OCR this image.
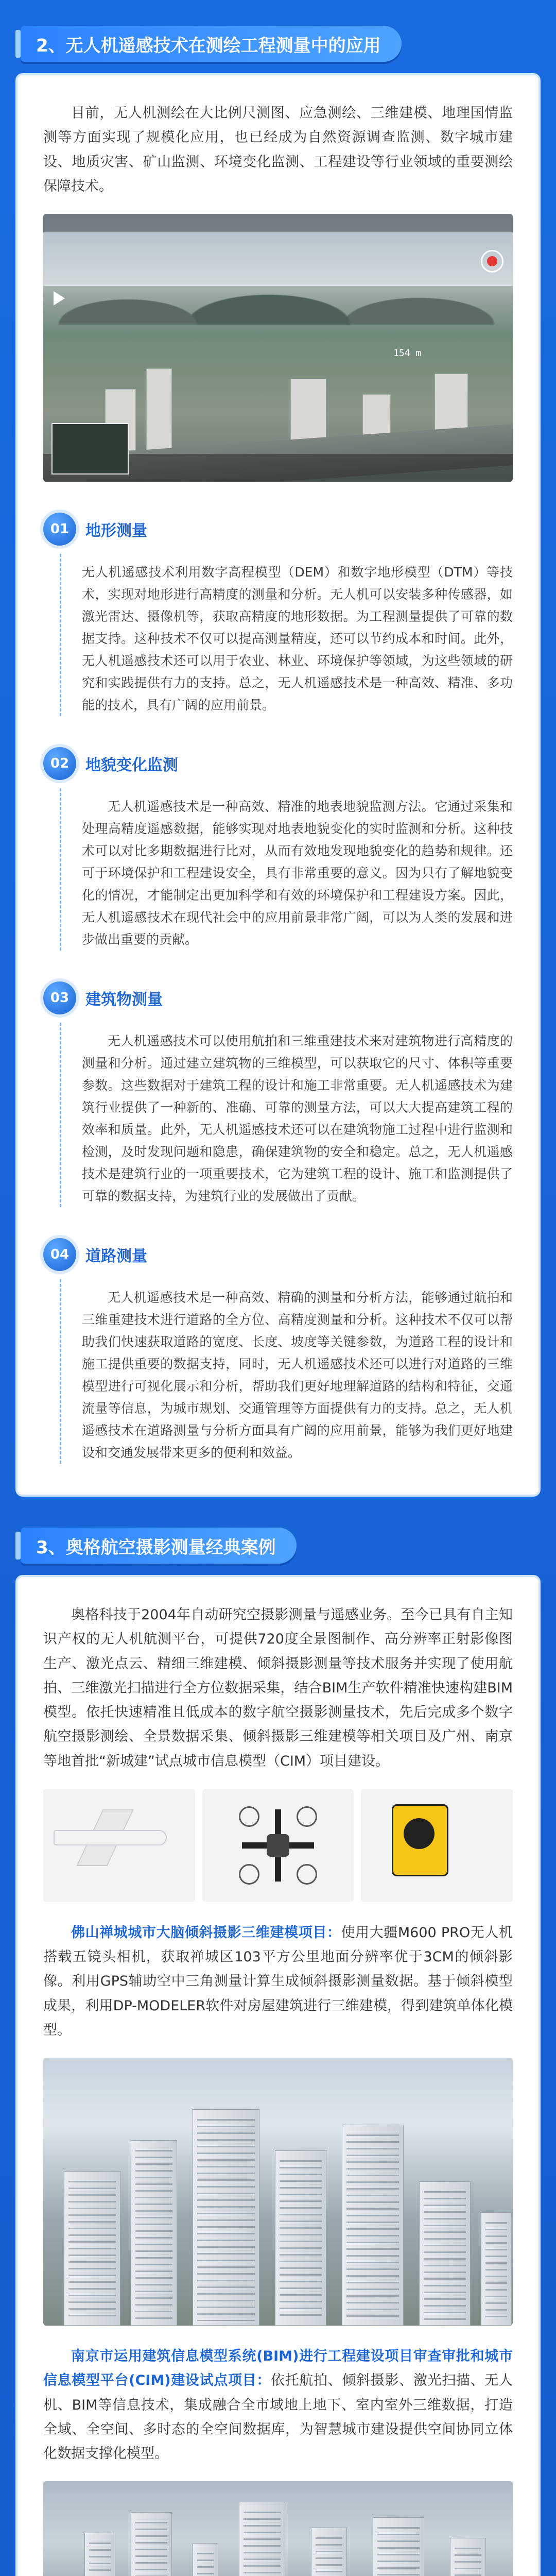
2、无人机遥感技术在测绘工程测量中的应用

目前，无人机测绘在大比例尺测图、应急测绘、三维建模、地理国情监测等方面实现了规模化应用，也已经成为自然资源调查监测、数字城市建设、地质灾害、矿山监测、环境变化监测、工程建设等行业领域的重要测绘保障技术。

154 m
01	地形测量

无人机遥感技术利用数字高程模型（DEM）和数字地形模型（DTM）等技术，实现对地形进行高精度的测量和分析。无人机可以安装多种传感器，如激光雷达、摄像机等，获取高精度的地形数据。为工程测量提供了可靠的数据支持。这种技术不仅可以提高测量精度，还可以节约成本和时间。此外，无人机遥感技术还可以用于农业、林业、环境保护等领域，为这些领域的研究和实践提供有力的支持。总之，无人机遥感技术是一种高效、精准、多功能的技术，具有广阔的应用前景。

02	地貌变化监测

无人机遥感技术是一种高效、精准的地表地貌监测方法。它通过采集和处理高精度遥感数据，能够实现对地表地貌变化的实时监测和分析。这种技术可以对比多期数据进行比对，从而有效地发现地貌变化的趋势和规律。还可于环境保护和工程建设安全，具有非常重要的意义。因为只有了解地貌变化的情况，才能制定出更加科学和有效的环境保护和工程建设方案。因此，无人机遥感技术在现代社会中的应用前景非常广阔，可以为人类的发展和进步做出重要的贡献。

03	建筑物测量

无人机遥感技术可以使用航拍和三维重建技术来对建筑物进行高精度的测量和分析。通过建立建筑物的三维模型，可以获取它的尺寸、体积等重要参数。这些数据对于建筑工程的设计和施工非常重要。无人机遥感技术为建筑行业提供了一种新的、准确、可靠的测量方法，可以大大提高建筑工程的效率和质量。此外，无人机遥感技术还可以在建筑物施工过程中进行监测和检测，及时发现问题和隐患，确保建筑物的安全和稳定。总之，无人机遥感技术是建筑行业的一项重要技术，它为建筑工程的设计、施工和监测提供了可靠的数据支持，为建筑行业的发展做出了贡献。

04	道路测量

无人机遥感技术是一种高效、精确的测量和分析方法，能够通过航拍和三维重建技术进行道路的全方位、高精度测量和分析。这种技术不仅可以帮助我们快速获取道路的宽度、长度、坡度等关键参数，为道路工程的设计和施工提供重要的数据支持，同时，无人机遥感技术还可以进行对道路的三维模型进行可视化展示和分析，帮助我们更好地理解道路的结构和特征，交通流量等信息，为城市规划、交通管理等方面提供有力的支持。总之，无人机遥感技术在道路测量与分析方面具有广阔的应用前景，能够为我们更好地建设和交通发展带来更多的便利和效益。

3、奥格航空摄影测量经典案例

奥格科技于2004年自动研究空摄影测量与遥感业务。至今已具有自主知识产权的无人机航测平台，可提供720度全景图制作、高分辨率正射影像图生产、激光点云、精细三维建模、倾斜摄影测量等技术服务并实现了使用航拍、三维激光扫描进行全方位数据采集，结合BIM生产软件精准快速构建BIM模型。依托快速精准且低成本的数字航空摄影测量技术，先后完成多个数字航空摄影测绘、全景数据采集、倾斜摄影三维建模等相关项目及广州、南京等地首批“新城建”试点城市信息模型（CIM）项目建设。

佛山禅城城市大脑倾斜摄影三维建模项目：使用大疆M600 PRO无人机搭载五镜头相机，获取禅城区103平方公里地面分辨率优于3CM的倾斜影像。利用GPS辅助空中三角测量计算生成倾斜摄影测量数据。基于倾斜模型成果，利用DP-MODELER软件对房屋建筑进行三维建模，得到建筑单体化模型。

南京市运用建筑信息模型系统(BIM)进行工程建设项目审查审批和城市信息模型平台(CIM)建设试点项目：依托航拍、倾斜摄影、激光扫描、无人机、BIM等信息技术，集成融合全市域地上地下、室内室外三维数据，打造全域、全空间、多时态的全空间数据库，为智慧城市建设提供空间协同立体化数据支撑化模型。
